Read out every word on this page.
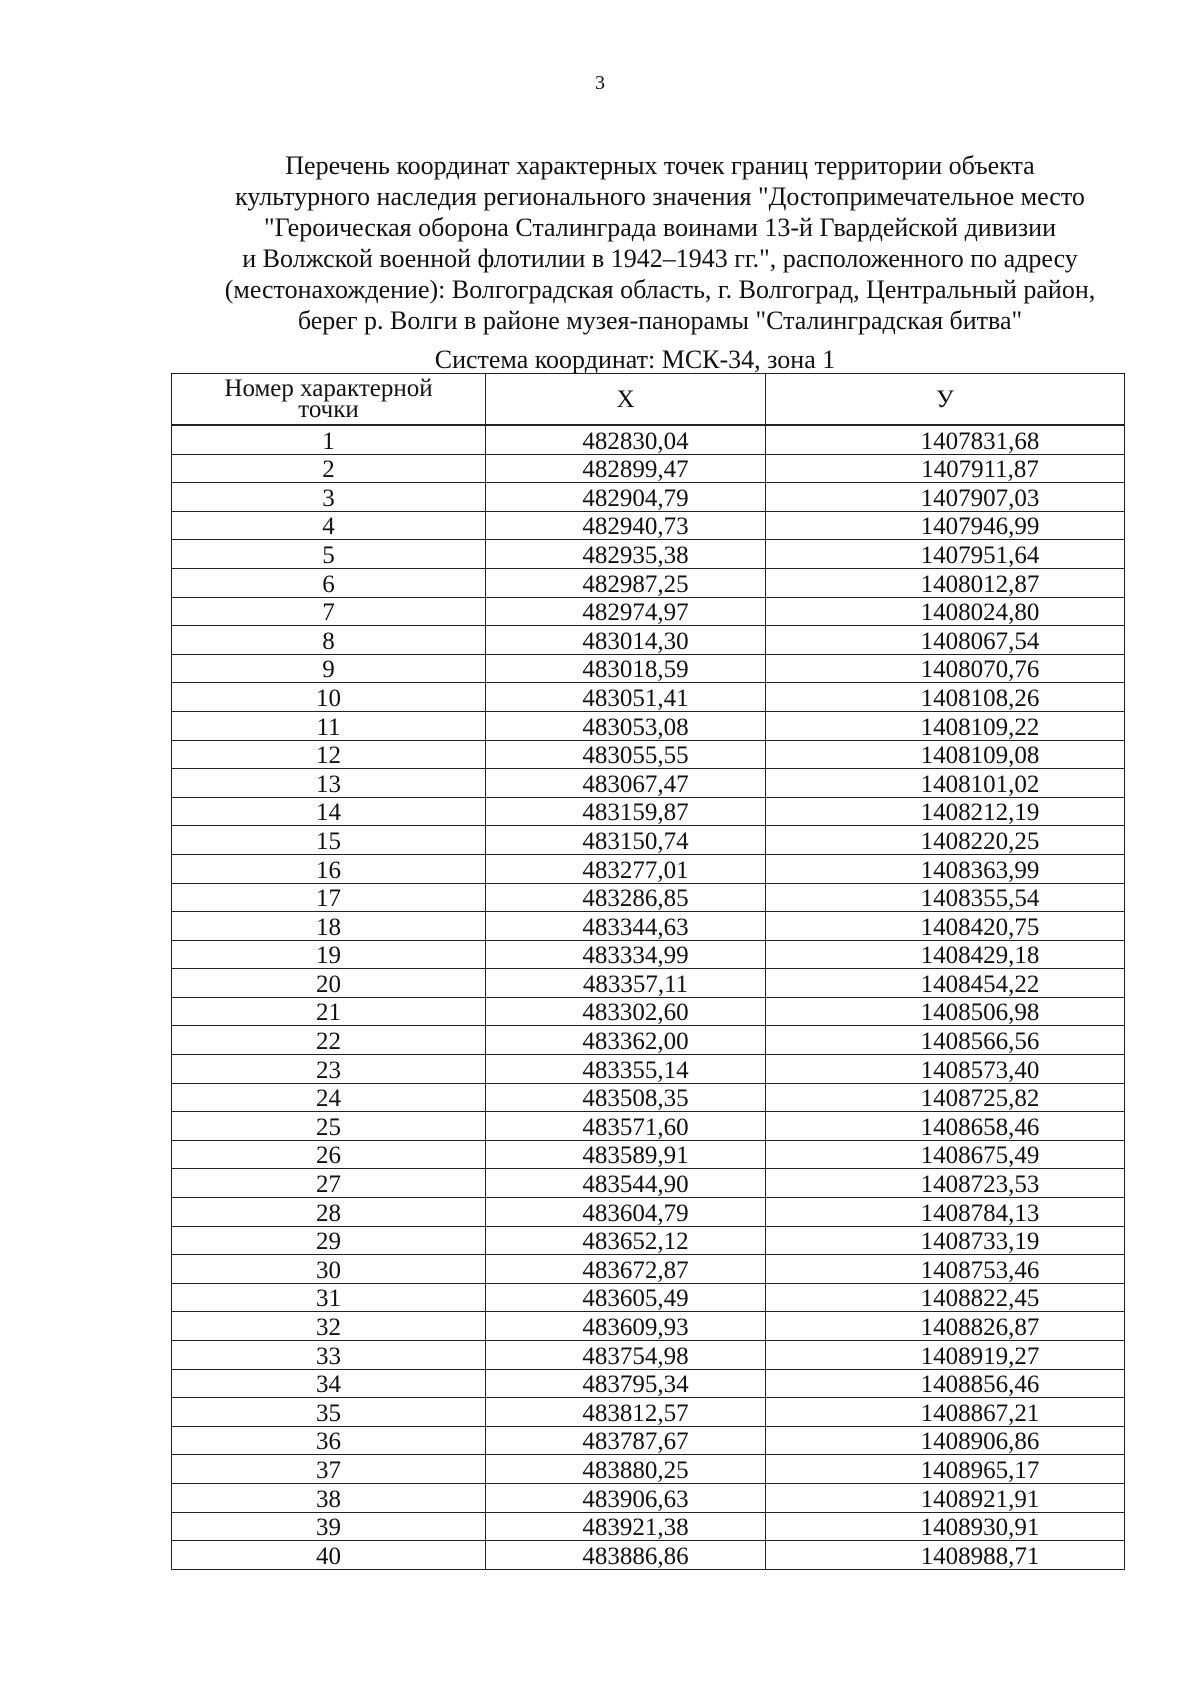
3
Перечень координат характерных точек границ территории объекта
культурного наследия регионального значения "Достопримечательное место
"Героическая оборона Сталинграда воинами 13-й Гвардейской дивизии
и Волжской военной флотилии в 1942–1943 гг.", расположенного по адресу
(местонахождение): Волгоградская область, г. Волгоград, Центральный район,
берег р. Волги в районе музея-панорамы "Сталинградская битва"
Система координат: МСК-34, зона 1
Номер характерной
точки	X	У
1	482830,04	1407831,68
2	482899,47	1407911,87
3	482904,79	1407907,03
4	482940,73	1407946,99
5	482935,38	1407951,64
6	482987,25	1408012,87
7	482974,97	1408024,80
8	483014,30	1408067,54
9	483018,59	1408070,76
10	483051,41	1408108,26
11	483053,08	1408109,22
12	483055,55	1408109,08
13	483067,47	1408101,02
14	483159,87	1408212,19
15	483150,74	1408220,25
16	483277,01	1408363,99
17	483286,85	1408355,54
18	483344,63	1408420,75
19	483334,99	1408429,18
20	483357,11	1408454,22
21	483302,60	1408506,98
22	483362,00	1408566,56
23	483355,14	1408573,40
24	483508,35	1408725,82
25	483571,60	1408658,46
26	483589,91	1408675,49
27	483544,90	1408723,53
28	483604,79	1408784,13
29	483652,12	1408733,19
30	483672,87	1408753,46
31	483605,49	1408822,45
32	483609,93	1408826,87
33	483754,98	1408919,27
34	483795,34	1408856,46
35	483812,57	1408867,21
36	483787,67	1408906,86
37	483880,25	1408965,17
38	483906,63	1408921,91
39	483921,38	1408930,91
40	483886,86	1408988,71
